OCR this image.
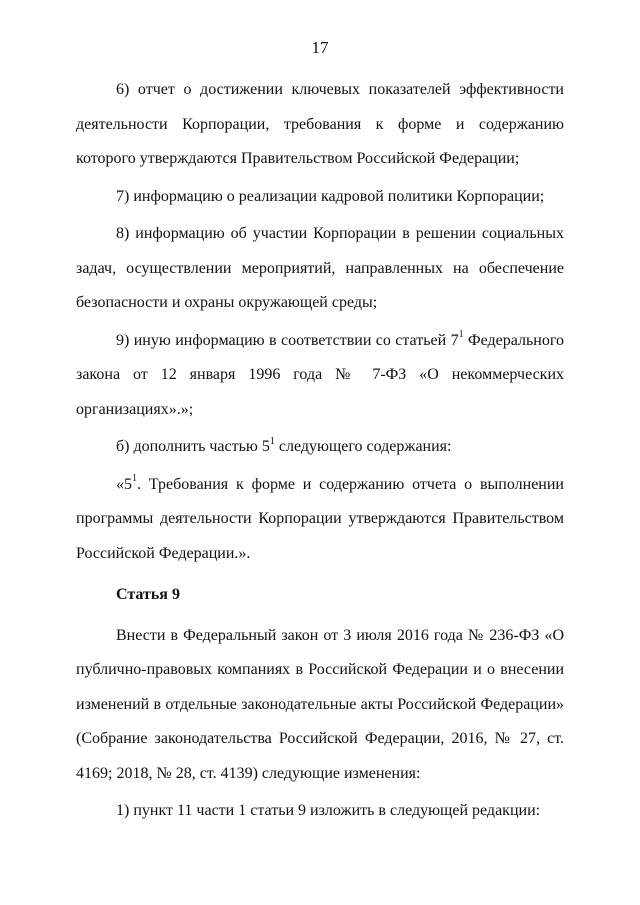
17

6) отчет о достижении ключевых показателей эффективности деятельности Корпорации, требования к форме и содержанию которого утверждаются Правительством Российской Федерации;

7) информацию о реализации кадровой политики Корпорации;

8) информацию об участии Корпорации в решении социальных задач, осуществлении мероприятий, направленных на обеспечение безопасности и охраны окружающей среды;

9) иную информацию в соответствии со статьей $7^1$ Федерального закона от 12 января 1996 года № 7-ФЗ «О некоммерческих организациях».»;

б) дополнить частью $5^1$ следующего содержания:

«$5^1$. Требования к форме и содержанию отчета о выполнении программы деятельности Корпорации утверждаются Правительством Российской Федерации.».

Статья 9

Внести в Федеральный закон от 3 июля 2016 года № 236-ФЗ «О публично-правовых компаниях в Российской Федерации и о внесении изменений в отдельные законодательные акты Российской Федерации» (Собрание законодательства Российской Федерации, 2016, № 27, ст. 4169; 2018, № 28, ст. 4139) следующие изменения:

1) пункт 11 части 1 статьи 9 изложить в следующей редакции:
